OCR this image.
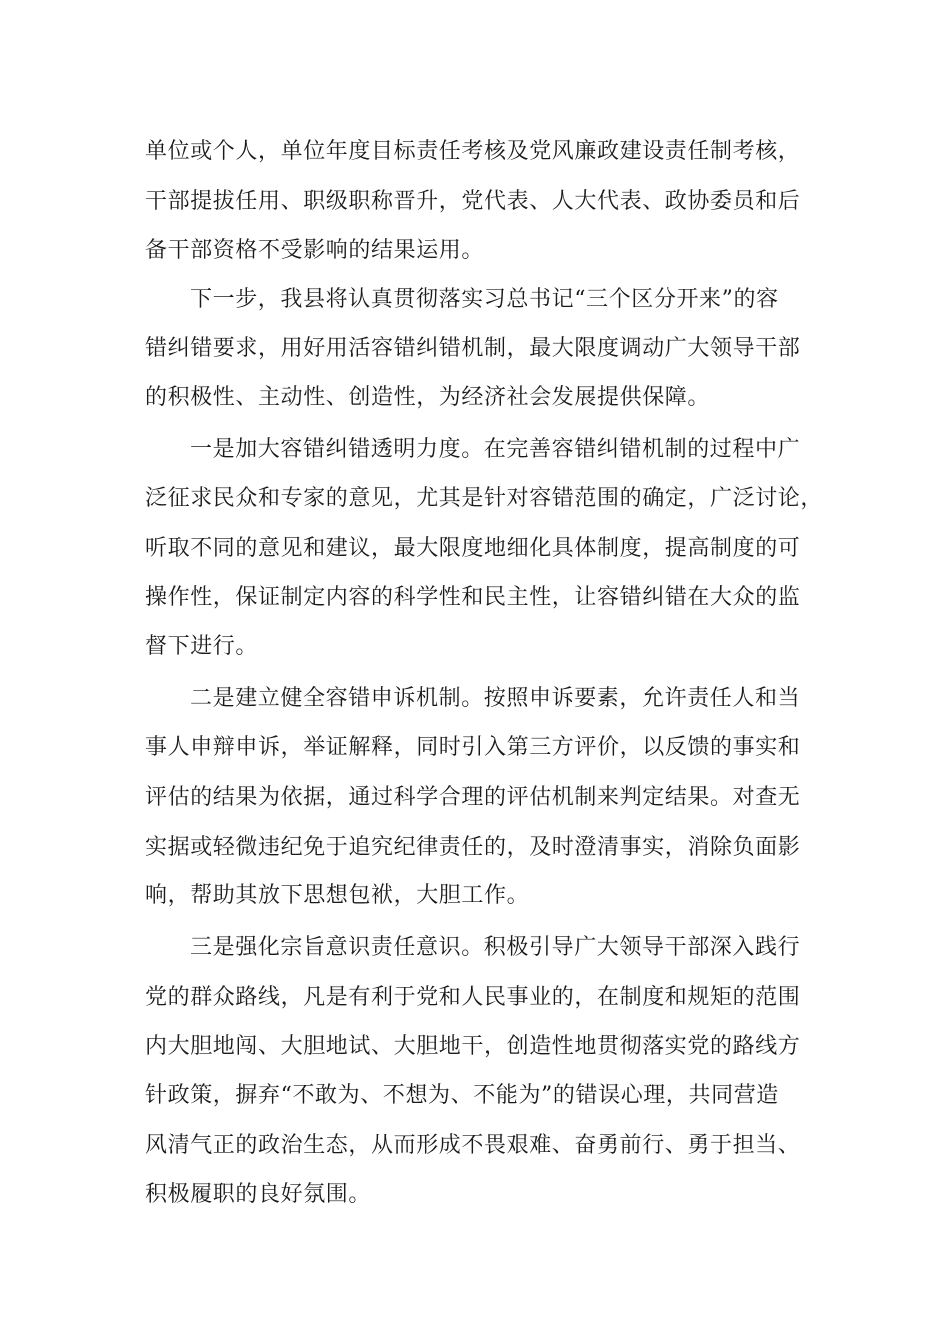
单位或个人，单位年度目标责任考核及党风廉政建设责任制考核，
干部提拔任用、职级职称晋升，党代表、人大代表、政协委员和后
备干部资格不受影响的结果运用。
下一步，我县将认真贯彻落实习总书记“三个区分开来”的容
错纠错要求，用好用活容错纠错机制，最大限度调动广大领导干部
的积极性、主动性、创造性，为经济社会发展提供保障。
一是加大容错纠错透明力度。在完善容错纠错机制的过程中广
泛征求民众和专家的意见，尤其是针对容错范围的确定，广泛讨论，
听取不同的意见和建议，最大限度地细化具体制度，提高制度的可
操作性，保证制定内容的科学性和民主性，让容错纠错在大众的监
督下进行。
二是建立健全容错申诉机制。按照申诉要素，允许责任人和当
事人申辩申诉，举证解释，同时引入第三方评价，以反馈的事实和
评估的结果为依据，通过科学合理的评估机制来判定结果。对查无
实据或轻微违纪免于追究纪律责任的，及时澄清事实，消除负面影
响，帮助其放下思想包袱，大胆工作。
三是强化宗旨意识责任意识。积极引导广大领导干部深入践行
党的群众路线，凡是有利于党和人民事业的，在制度和规矩的范围
内大胆地闯、大胆地试、大胆地干，创造性地贯彻落实党的路线方
针政策，摒弃“不敢为、不想为、不能为”的错误心理，共同营造
风清气正的政治生态，从而形成不畏艰难、奋勇前行、勇于担当、
积极履职的良好氛围。
